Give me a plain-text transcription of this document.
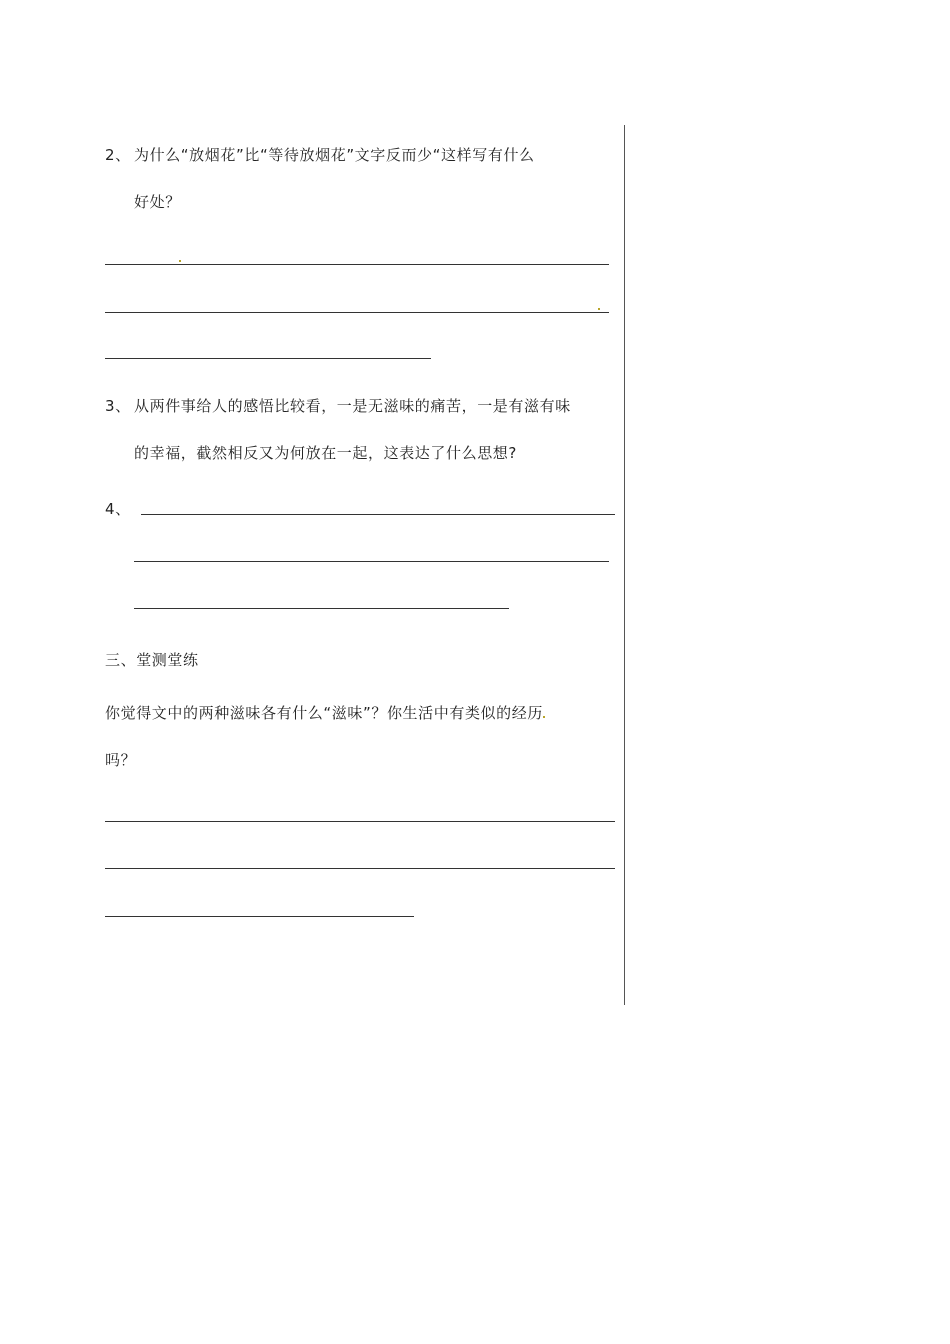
2、 为什么“放烟花”比“等待放烟花”文字反而少“这样写有什么
好处？
3、 从两件事给人的感悟比较看，一是无滋味的痛苦，一是有滋有味
的幸福，截然相反又为何放在一起，这表达了什么思想?
4、
三、堂测堂练
你觉得文中的两种滋味各有什么“滋味”？你生活中有类似的经历
吗？
